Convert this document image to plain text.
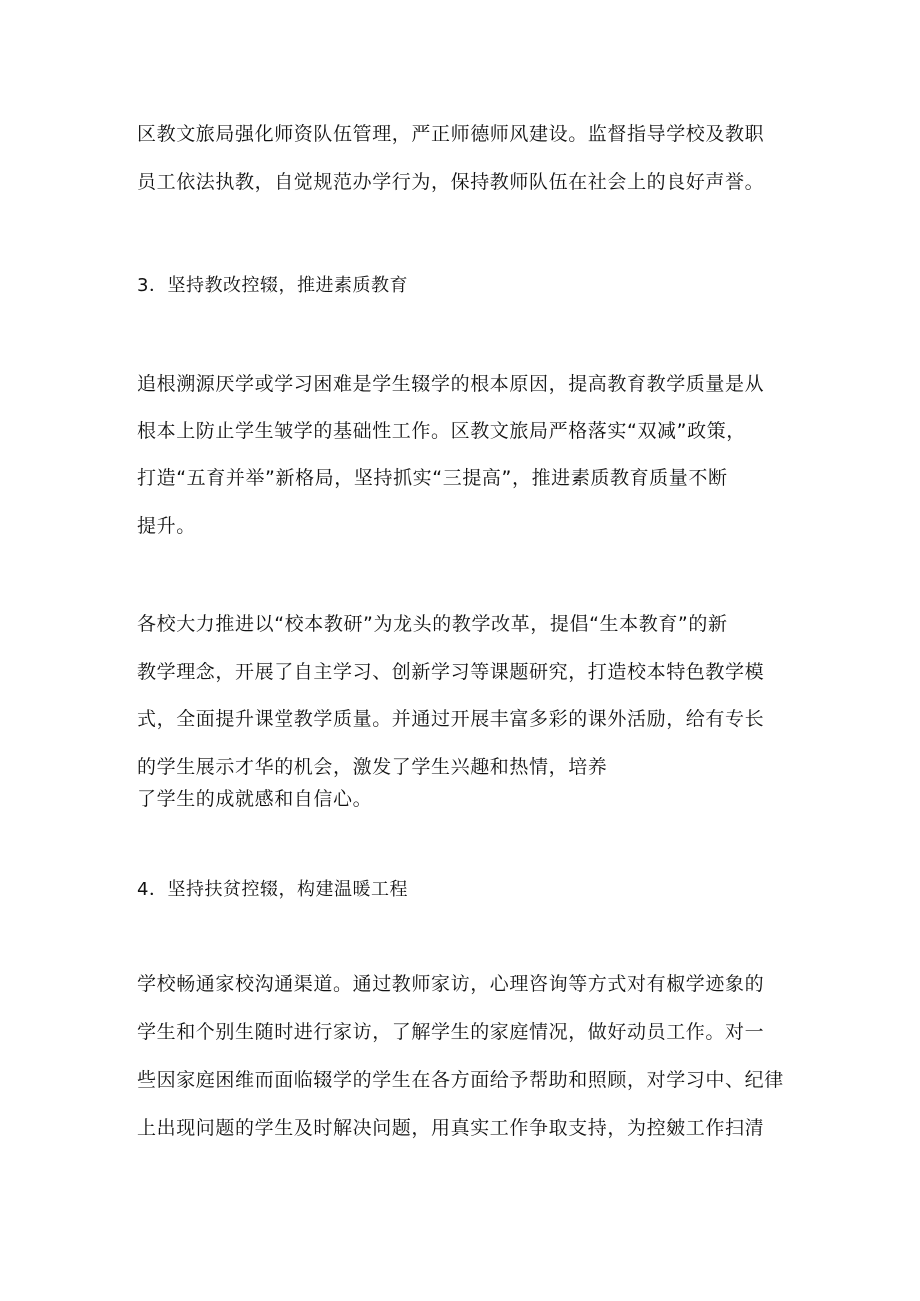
区教文旅局强化师资队伍管理，严正师德师风建设。监督指导学校及教职
员工依法执教，自觉规范办学行为，保持教师队伍在社会上的良好声誉。
3．坚持教改控辍，推进素质教育
追根溯源厌学或学习困难是学生辍学的根本原因，提高教育教学质量是从
根本上防止学生皱学的基础性工作。区教文旅局严格落实“双减”政策，
打造“五育并举”新格局，坚持抓实“三提高”，推进素质教育质量不断
提升。
各校大力推进以“校本教研”为龙头的教学改革，提倡“生本教育”的新
教学理念，开展了自主学习、创新学习等课题研究，打造校本特色教学模
式，全面提升课堂教学质量。并通过开展丰富多彩的课外活励，给有专长
的学生展示才华的机会，激发了学生兴趣和热情，培养
了学生的成就感和自信心。
4．坚持扶贫控辍，构建温暖工程
学校畅通家校沟通渠道。通过教师家访，心理咨询等方式对有椒学迹象的
学生和个别生随时进行家访，了解学生的家庭情况，做好动员工作。对一
些因家庭困维而面临辍学的学生在各方面给予帮助和照顾，对学习中、纪律
上出现问题的学生及时解决问题，用真实工作争取支持，为控皴工作扫清
